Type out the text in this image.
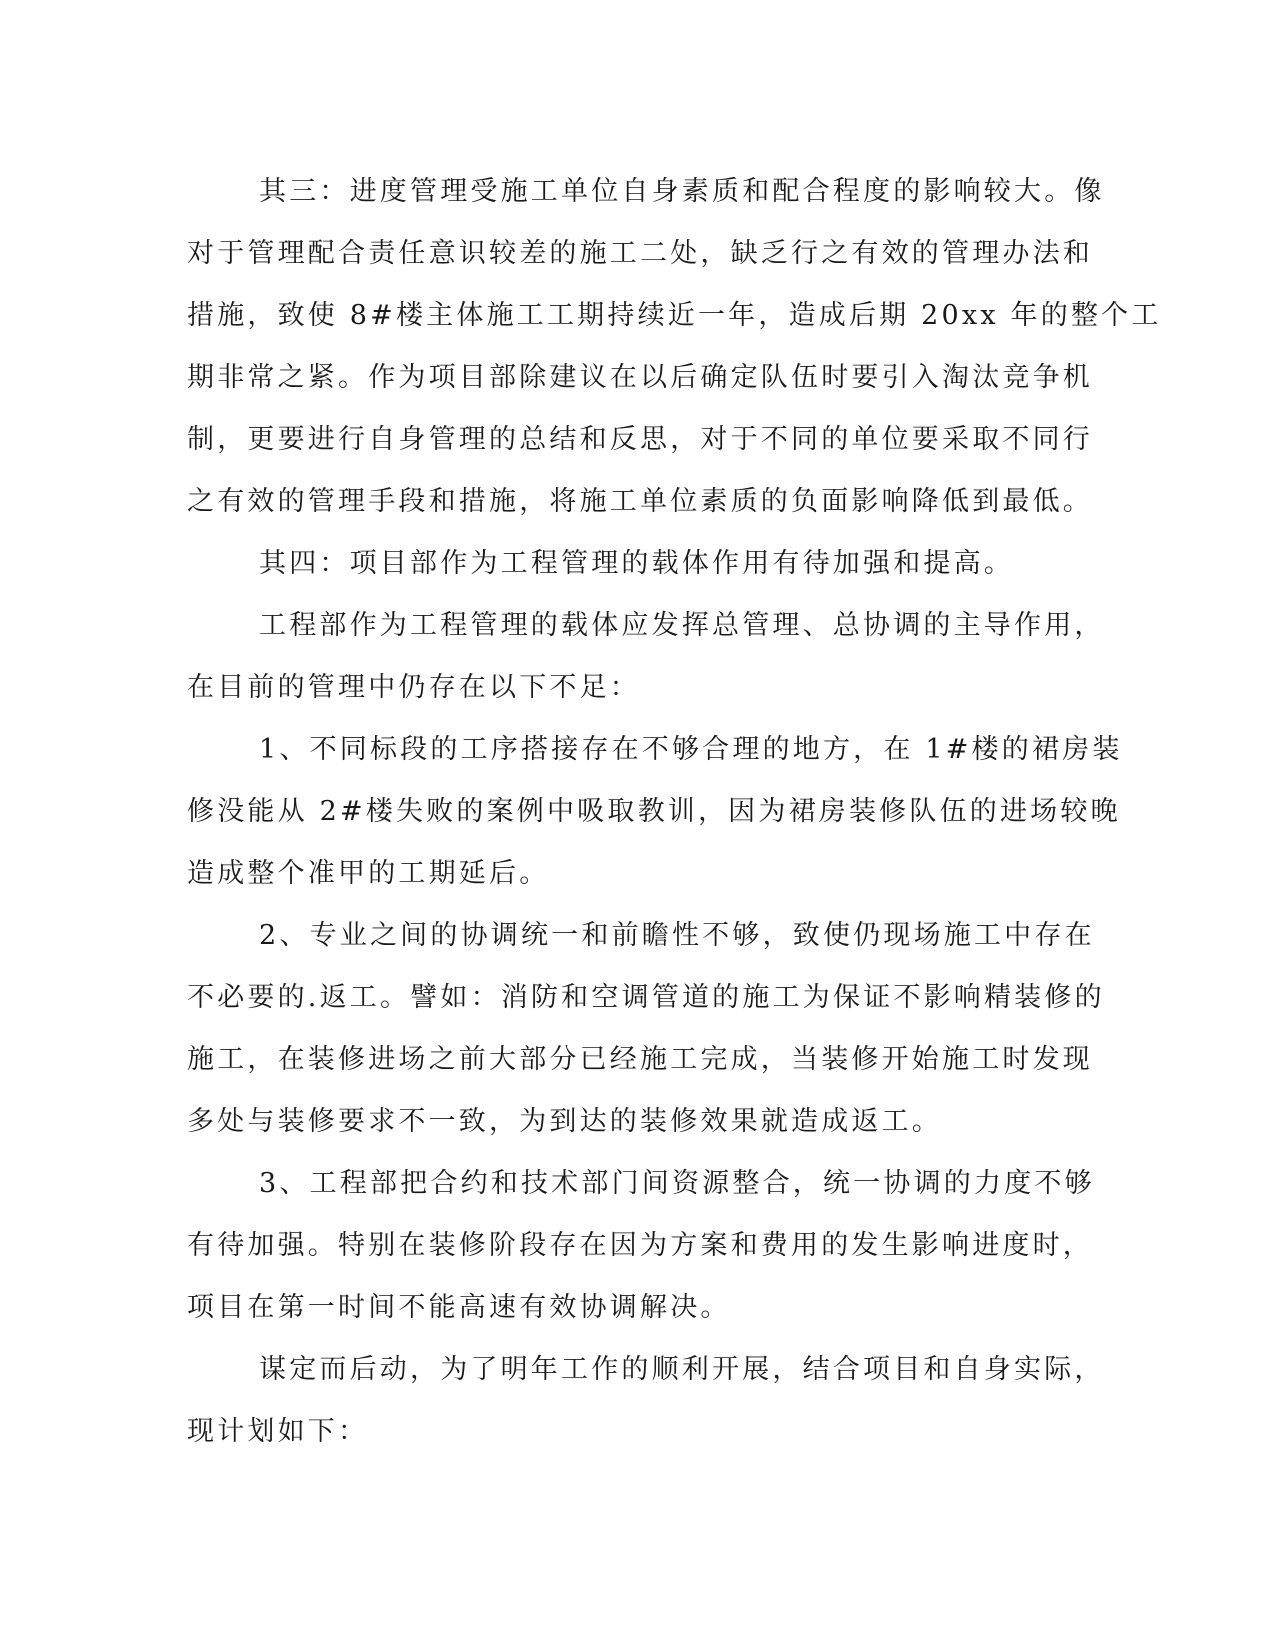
其三：进度管理受施工单位自身素质和配合程度的影响较大。像
对于管理配合责任意识较差的施工二处，缺乏行之有效的管理办法和
措施，致使 8#楼主体施工工期持续近一年，造成后期 20xx 年的整个工
期非常之紧。作为项目部除建议在以后确定队伍时要引入淘汰竞争机
制，更要进行自身管理的总结和反思，对于不同的单位要采取不同行
之有效的管理手段和措施，将施工单位素质的负面影响降低到最低。
其四：项目部作为工程管理的载体作用有待加强和提高。
工程部作为工程管理的载体应发挥总管理、总协调的主导作用，
在目前的管理中仍存在以下不足：
1、不同标段的工序搭接存在不够合理的地方，在 1#楼的裙房装
修没能从 2#楼失败的案例中吸取教训，因为裙房装修队伍的进场较晚
造成整个准甲的工期延后。
2、专业之间的协调统一和前瞻性不够，致使仍现场施工中存在
不必要的.返工。譬如：消防和空调管道的施工为保证不影响精装修的
施工，在装修进场之前大部分已经施工完成，当装修开始施工时发现
多处与装修要求不一致，为到达的装修效果就造成返工。
3、工程部把合约和技术部门间资源整合，统一协调的力度不够
有待加强。特别在装修阶段存在因为方案和费用的发生影响进度时，
项目在第一时间不能高速有效协调解决。
谋定而后动，为了明年工作的顺利开展，结合项目和自身实际，
现计划如下：
